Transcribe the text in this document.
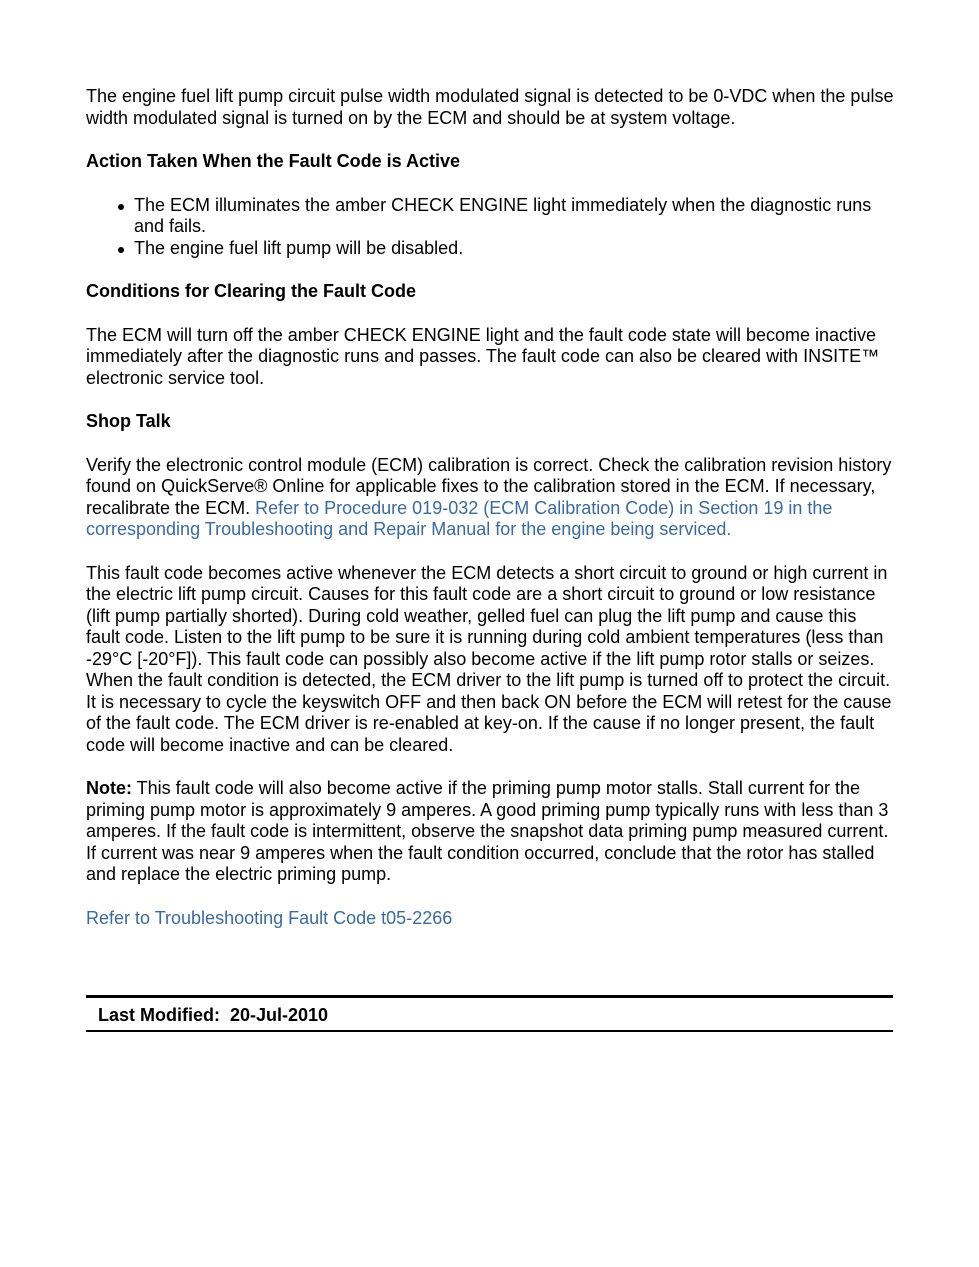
The engine fuel lift pump circuit pulse width modulated signal is detected to be 0-VDC when the pulse width modulated signal is turned on by the ECM and should be at system voltage.

Action Taken When the Fault Code is Active
The ECM illuminates the amber CHECK ENGINE light immediately when the diagnostic runs and fails.
The engine fuel lift pump will be disabled.
Conditions for Clearing the Fault Code

The ECM will turn off the amber CHECK ENGINE light and the fault code state will become inactive immediately after the diagnostic runs and passes. The fault code can also be cleared with INSITE™ electronic service tool.

Shop Talk

Verify the electronic control module (ECM) calibration is correct. Check the calibration revision history found on QuickServe® Online for applicable fixes to the calibration stored in the ECM. If necessary, recalibrate the ECM. Refer to Procedure 019-032 (ECM Calibration Code) in Section 19 in the corresponding Troubleshooting and Repair Manual for the engine being serviced.

This fault code becomes active whenever the ECM detects a short circuit to ground or high current in the electric lift pump circuit. Causes for this fault code are a short circuit to ground or low resistance (lift pump partially shorted). During cold weather, gelled fuel can plug the lift pump and cause this fault code. Listen to the lift pump to be sure it is running during cold ambient temperatures (less than -29°C [-20°F]). This fault code can possibly also become active if the lift pump rotor stalls or seizes. When the fault condition is detected, the ECM driver to the lift pump is turned off to protect the circuit. It is necessary to cycle the keyswitch OFF and then back ON before the ECM will retest for the cause of the fault code. The ECM driver is re-enabled at key-on. If the cause if no longer present, the fault code will become inactive and can be cleared.

Note: This fault code will also become active if the priming pump motor stalls. Stall current for the priming pump motor is approximately 9 amperes. A good priming pump typically runs with less than 3 amperes. If the fault code is intermittent, observe the snapshot data priming pump measured current. If current was near 9 amperes when the fault condition occurred, conclude that the rotor has stalled and replace the electric priming pump.

Refer to Troubleshooting Fault Code t05-2266

Last Modified:  20-Jul-2010
